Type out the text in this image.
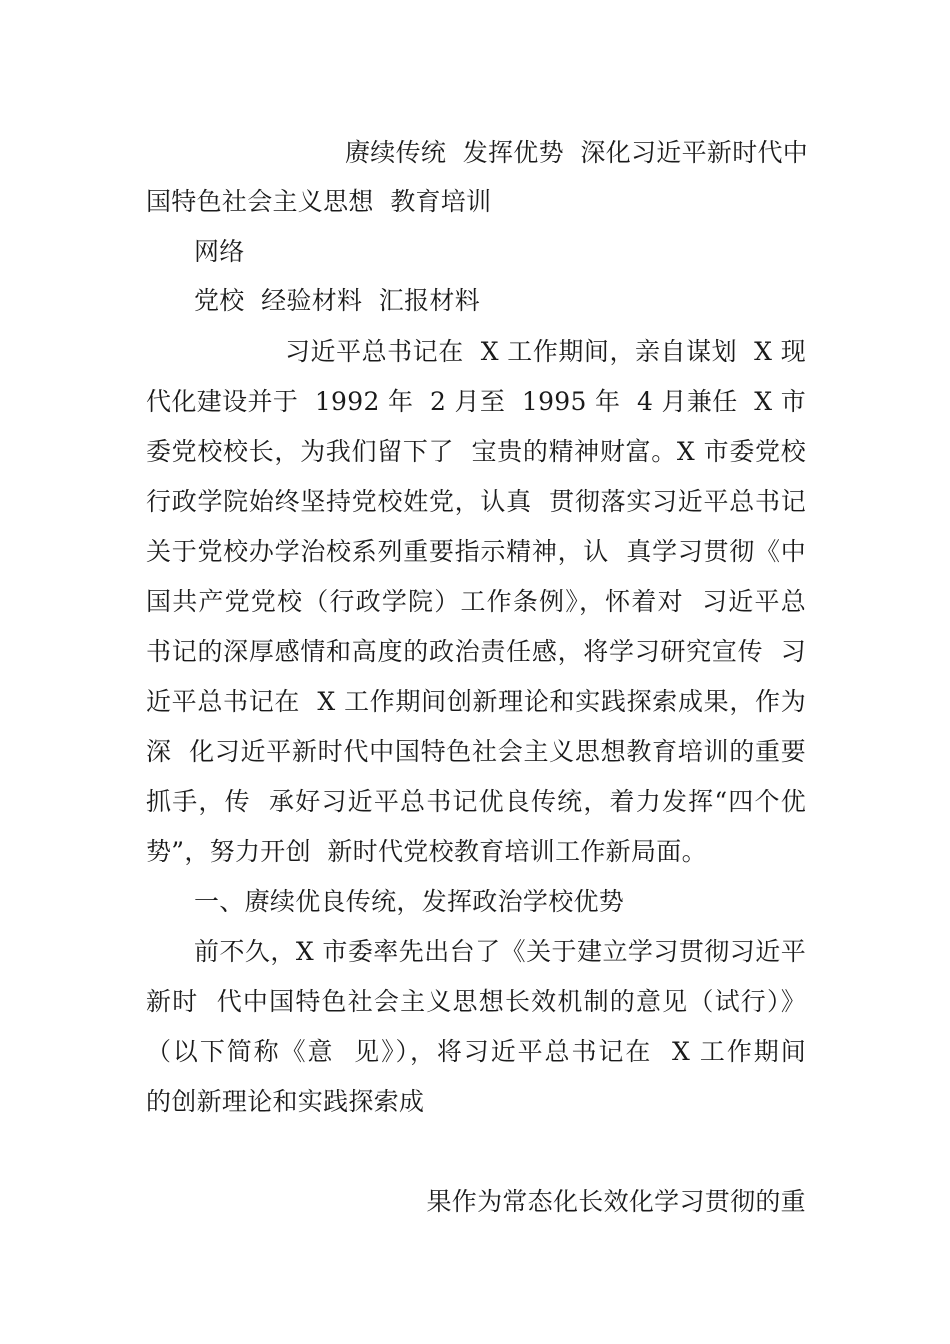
赓续传统  发挥优势  深化习近平新时代中
国特色社会主义思想  教育培训
网络
党校  经验材料  汇报材料
习近平总书记在  X 工作期间，亲自谋划  X 现
代化建设并于  1992 年  2 月至  1995 年  4 月兼任  X 市
委党校校长，为我们留下了  宝贵的精神财富。X 市委党校
行政学院始终坚持党校姓党，认真  贯彻落实习近平总书记
关于党校办学治校系列重要指示精神，认  真学习贯彻《中
国共产党党校（行政学院）工作条例》，怀着对  习近平总
书记的深厚感情和高度的政治责任感，将学习研究宣传  习
近平总书记在  X 工作期间创新理论和实践探索成果，作为
深  化习近平新时代中国特色社会主义思想教育培训的重要
抓手，传  承好习近平总书记优良传统，着力发挥“四个优
势”，努力开创  新时代党校教育培训工作新局面。
一、赓续优良传统，发挥政治学校优势
前不久，X 市委率先出台了《关于建立学习贯彻习近平
新时  代中国特色社会主义思想长效机制的意见（试行）》
（以下简称《意  见》），将习近平总书记在  X 工作期间
的创新理论和实践探索成
果作为常态化长效化学习贯彻的重
